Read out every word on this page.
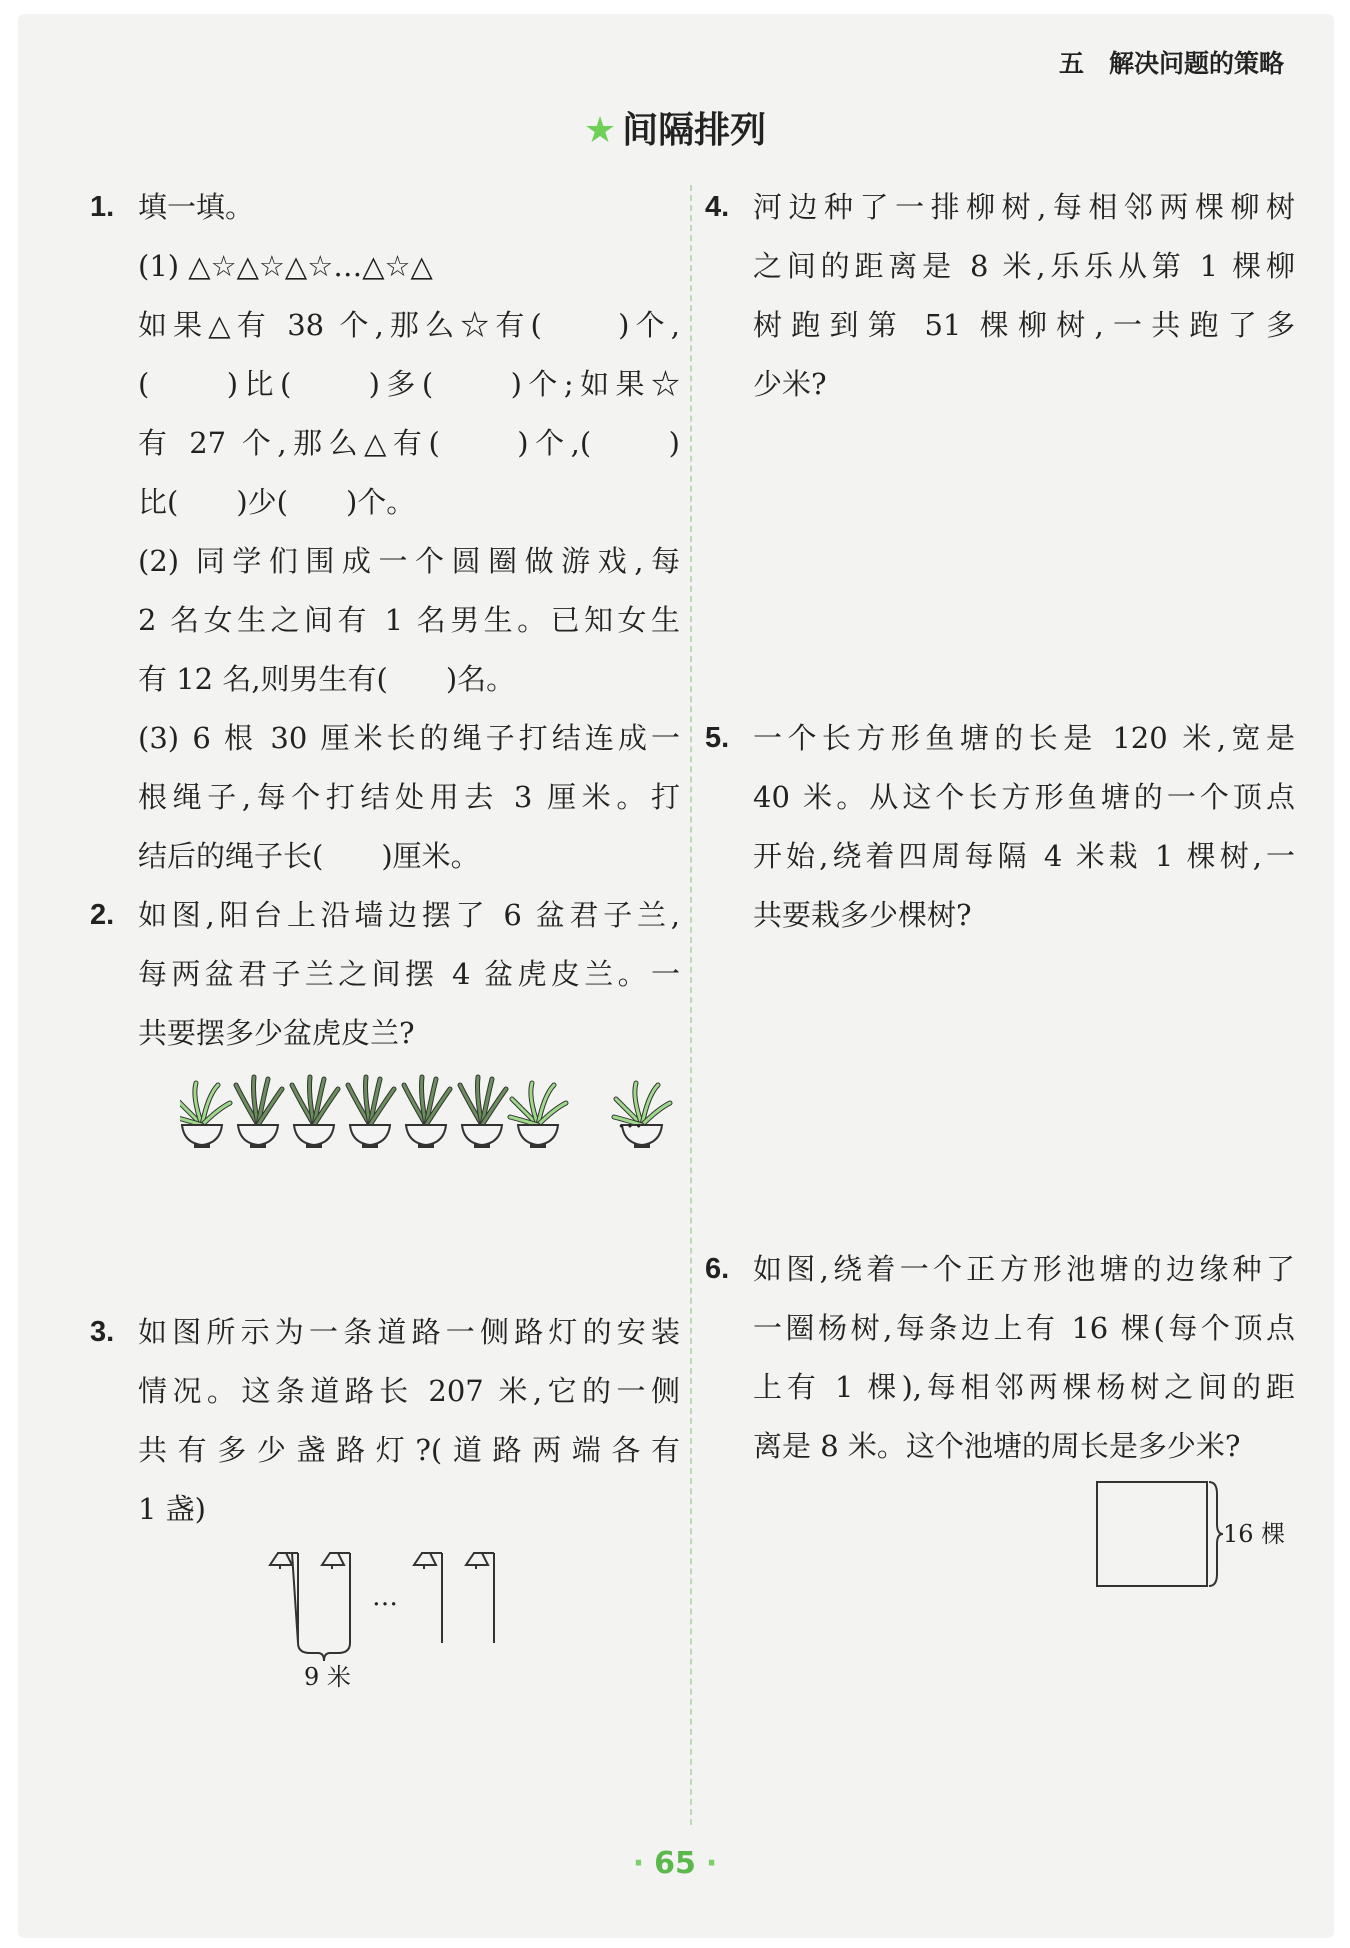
五　解决问题的策略
★ 间隔排列
1. 填一填。
(1) △☆△☆△☆…△☆△
如果△有 38 个,那么☆有(　　)个,
(　　)比(　　)多(　　)个;如果☆
有 27 个,那么△有(　　)个,(　　)
比(　　)少(　　)个。
(2) 同学们围成一个圆圈做游戏,每
2 名女生之间有 1 名男生。已知女生
有 12 名,则男生有(　　)名。
(3) 6 根 30 厘米长的绳子打结连成一
根绳子,每个打结处用去 3 厘米。打
结后的绳子长(　　)厘米。
2. 如图,阳台上沿墙边摆了 6 盆君子兰,
每两盆君子兰之间摆 4 盆虎皮兰。一
共要摆多少盆虎皮兰?
…
3. 如图所示为一条道路一侧路灯的安装
情况。这条道路长 207 米,它的一侧
共有多少盏路灯?(道路两端各有
1 盏)
…
9 米
4. 河边种了一排柳树,每相邻两棵柳树
之间的距离是 8 米,乐乐从第 1 棵柳
树跑到第 51 棵柳树,一共跑了多
少米?
5. 一个长方形鱼塘的长是 120 米,宽是
40 米。从这个长方形鱼塘的一个顶点
开始,绕着四周每隔 4 米栽 1 棵树,一
共要栽多少棵树?
6. 如图,绕着一个正方形池塘的边缘种了
一圈杨树,每条边上有 16 棵(每个顶点
上有 1 棵),每相邻两棵杨树之间的距
离是 8 米。这个池塘的周长是多少米?
16 棵
· 65 ·
